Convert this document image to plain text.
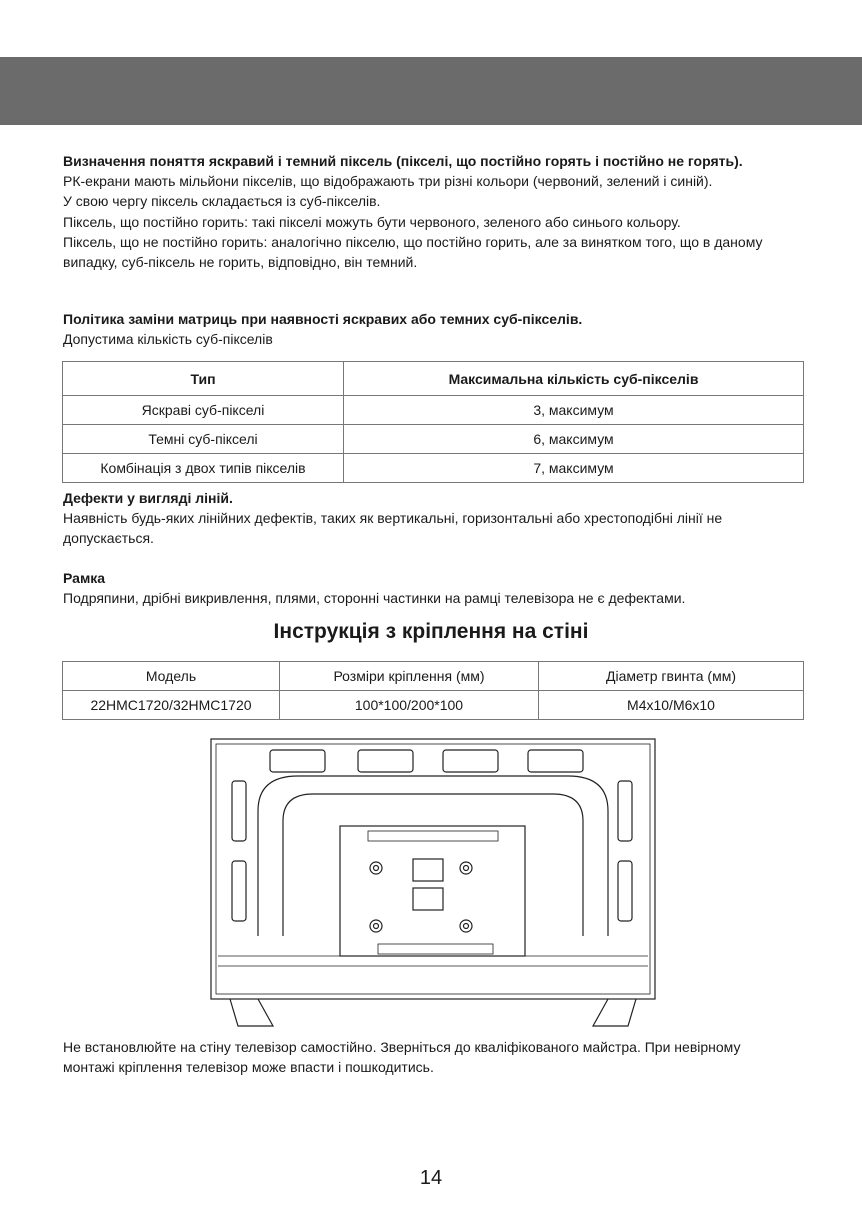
Визначення поняття яскравий і темний піксель (пікселі, що постійно горять і постійно не горять).

РК-екрани мають мільйони пікселів, що відображають три різні кольори (червоний, зелений і синій).

У свою чергу піксель складається із суб-пікселів.

Піксель, що постійно горить: такі пікселі можуть бути червоного, зеленого або синього кольору.

Піксель, що не постійно горить: аналогічно пікселю, що постійно горить, але за винятком того, що в даному випадку, суб-піксель не горить, відповідно, він темний.

Політика заміни матриць при наявності яскравих або темних суб-пікселів.

Допустима кількість суб-пікселів

Тип	Максимальна кількість суб-пікселів
Яскраві суб-пікселі	3, максимум
Темні суб-пікселі	6, максимум
Комбінація з двох типів пікселів	7, максимум

Дефекти у вигляді ліній.

Наявність будь-яких лінійних дефектів, таких як вертикальні, горизонтальні або хрестоподібні лінії не допускається.

Рамка

Подряпини, дрібні викривлення, плями, сторонні частинки на рамці телевізора не є дефектами.

Інструкція з кріплення на стіні
Модель	Розміри кріплення (мм)	Діаметр гвинта (мм)
22HMC1720/32HMC1720	100*100/200*100	M4x10/M6x10
Не встановлюйте на стіну телевізор самостійно. Зверніться до кваліфікованого майстра. При невірному монтажі кріплення телевізор може впасти і пошкодитись.
14
